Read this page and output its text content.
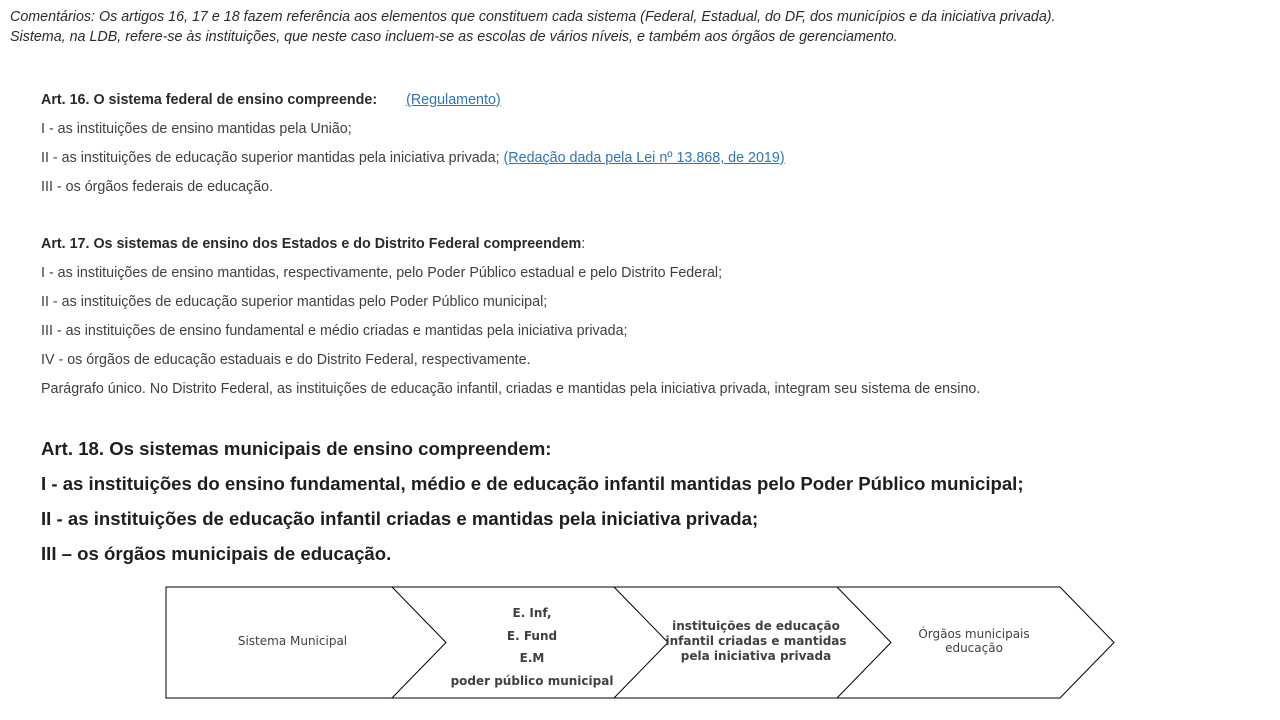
Comentários: Os artigos 16, 17 e 18 fazem referência aos elementos que constituem cada sistema (Federal, Estadual, do DF, dos municípios e da iniciativa privada).

Sistema, na LDB, refere-se às instituições, que neste caso incluem-se as escolas de vários níveis, e também aos órgãos de gerenciamento.

Art. 16. O sistema federal de ensino compreende: (Regulamento)

I - as instituições de ensino mantidas pela União;

II - as instituições de educação superior mantidas pela iniciativa privada; (Redação dada pela Lei nº 13.868, de 2019)

III - os órgãos federais de educação.

Art. 17. Os sistemas de ensino dos Estados e do Distrito Federal compreendem:

I - as instituições de ensino mantidas, respectivamente, pelo Poder Público estadual e pelo Distrito Federal;

II - as instituições de educação superior mantidas pelo Poder Público municipal;

III - as instituições de ensino fundamental e médio criadas e mantidas pela iniciativa privada;

IV - os órgãos de educação estaduais e do Distrito Federal, respectivamente.

Parágrafo único. No Distrito Federal, as instituições de educação infantil, criadas e mantidas pela iniciativa privada, integram seu sistema de ensino.

Art. 18. Os sistemas municipais de ensino compreendem:

I - as instituições do ensino fundamental, médio e de educação infantil mantidas pelo Poder Público municipal;

II - as instituições de educação infantil criadas e mantidas pela iniciativa privada;

III – os órgãos municipais de educação.

Sistema Municipal
E. Inf,
E. Fund
E.M
poder público municipal
instituições de educação
infantil criadas e mantidas
pela iniciativa privada
Órgãos municipais
educação
